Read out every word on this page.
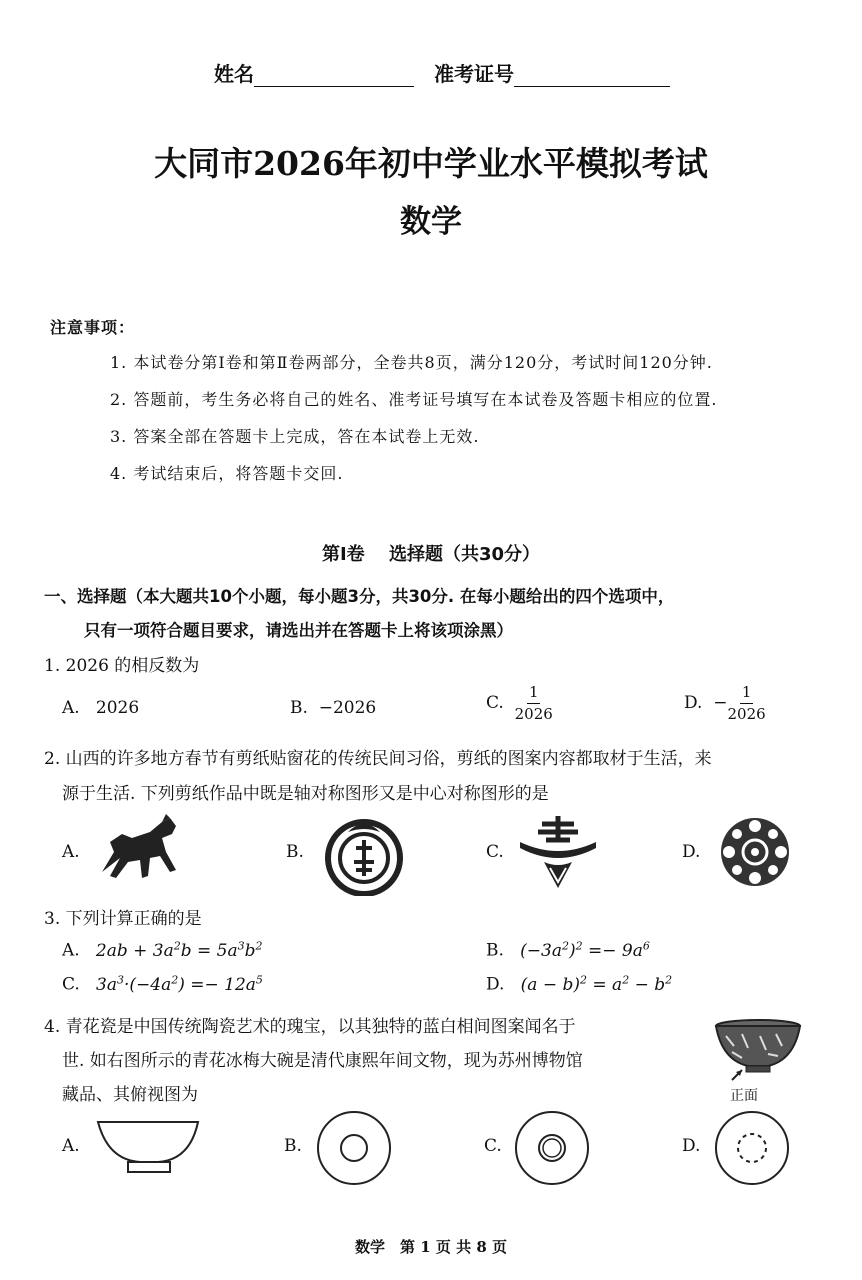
姓名	准考证号
大同市2026年初中学业水平模拟考试
数学
注意事项：
1. 本试卷分第Ⅰ卷和第Ⅱ卷两部分，全卷共8页，满分120分，考试时间120分钟.
2. 答题前，考生务必将自己的姓名、准考证号填写在本试卷及答题卡相应的位置.
3. 答案全部在答题卡上完成，答在本试卷上无效.
4. 考试结束后，将答题卡交回.
第Ⅰ卷　 选择题（共30分）
一、选择题（本大题共10个小题，每小题3分，共30分. 在每小题给出的四个选项中，
只有一项符合题目要求，请选出并在答题卡上将该项涂黑）
1. 2026 的相反数为
A. 2026	B. −2026	C.
$\frac{1}{2026}$	D.
− $\frac{1}{2026}$
2. 山西的许多地方春节有剪纸贴窗花的传统民间习俗，剪纸的图案内容都取材于生活，来
源于生活. 下列剪纸作品中既是轴对称图形又是中心对称图形的是
A.	B.	C.	D.
3. 下列计算正确的是
A. $2ab + 3a^2b = 5a^3b^2$	B. $(-3a^2)^2 =- 9a^6$
C. $3a^3\cdot(-4a^2) =- 12a^5$	D. $(a - b)^2 = a^2 - b^2$
4. 青花瓷是中国传统陶瓷艺术的瑰宝，以其独特的蓝白相间图案闻名于
世. 如右图所示的青花冰梅大碗是清代康熙年间文物，现为苏州博物馆
藏品、其俯视图为	正面
A.	B.	C.	D.
数学　第 1 页 共 8 页
